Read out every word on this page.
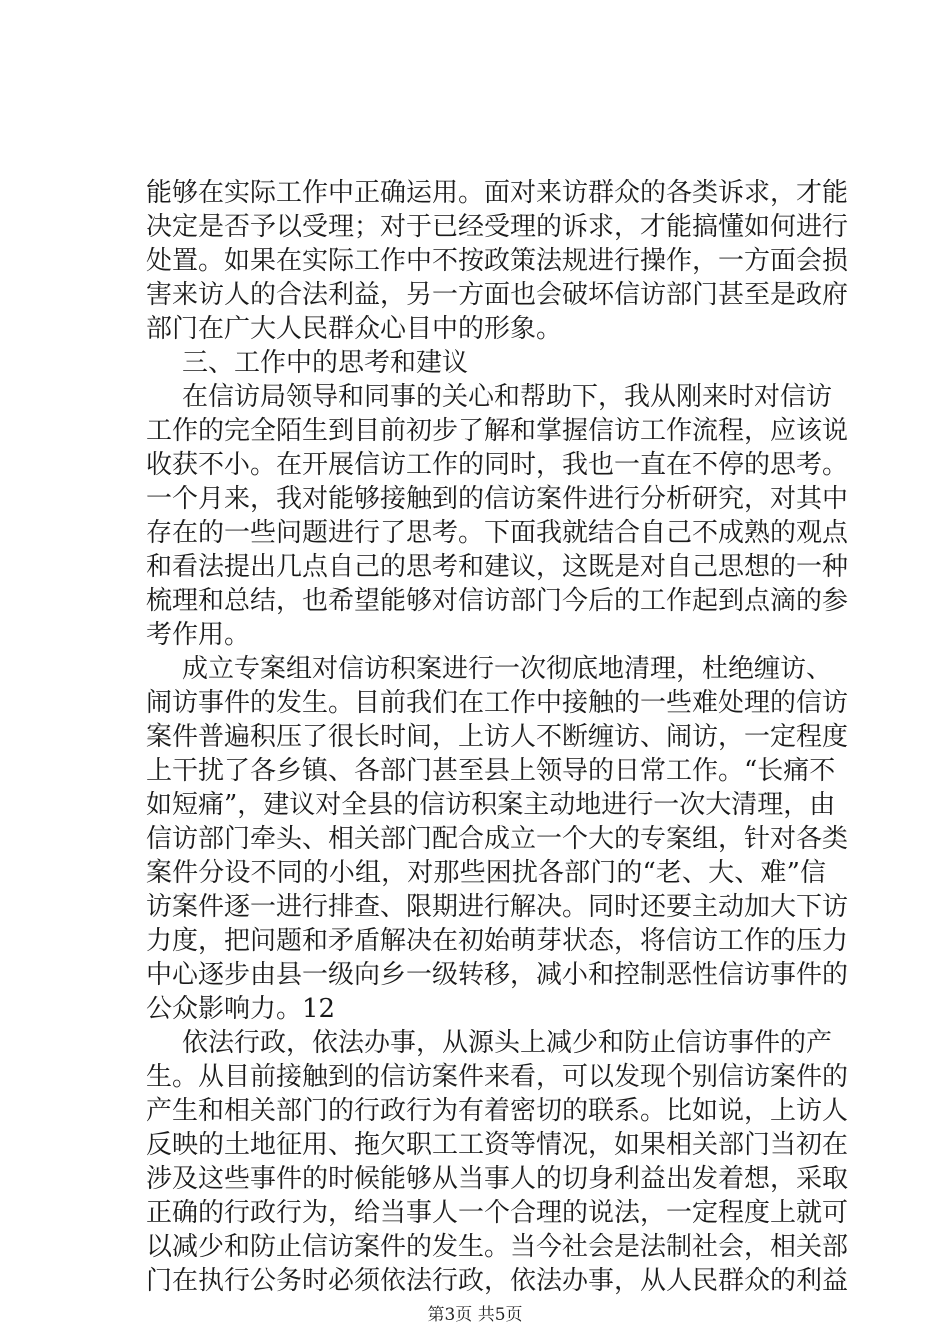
能够在实际工作中正确运用。面对来访群众的各类诉求，才能
决定是否予以受理；对于已经受理的诉求，才能搞懂如何进行
处置。如果在实际工作中不按政策法规进行操作，一方面会损
害来访人的合法利益，另一方面也会破坏信访部门甚至是政府
部门在广大人民群众心目中的形象。
三、工作中的思考和建议
在信访局领导和同事的关心和帮助下，我从刚来时对信访
工作的完全陌生到目前初步了解和掌握信访工作流程，应该说
收获不小。在开展信访工作的同时，我也一直在不停的思考。
一个月来，我对能够接触到的信访案件进行分析研究，对其中
存在的一些问题进行了思考。下面我就结合自己不成熟的观点
和看法提出几点自己的思考和建议，这既是对自己思想的一种
梳理和总结，也希望能够对信访部门今后的工作起到点滴的参
考作用。
成立专案组对信访积案进行一次彻底地清理，杜绝缠访、
闹访事件的发生。目前我们在工作中接触的一些难处理的信访
案件普遍积压了很长时间，上访人不断缠访、闹访，一定程度
上干扰了各乡镇、各部门甚至县上领导的日常工作。“长痛不
如短痛”，建议对全县的信访积案主动地进行一次大清理，由
信访部门牵头、相关部门配合成立一个大的专案组，针对各类
案件分设不同的小组，对那些困扰各部门的“老、大、难”信
访案件逐一进行排查、限期进行解决。同时还要主动加大下访
力度，把问题和矛盾解决在初始萌芽状态，将信访工作的压力
中心逐步由县一级向乡一级转移，减小和控制恶性信访事件的
公众影响力。12
依法行政，依法办事，从源头上减少和防止信访事件的产
生。从目前接触到的信访案件来看，可以发现个别信访案件的
产生和相关部门的行政行为有着密切的联系。比如说，上访人
反映的土地征用、拖欠职工工资等情况，如果相关部门当初在
涉及这些事件的时候能够从当事人的切身利益出发着想，采取
正确的行政行为，给当事人一个合理的说法，一定程度上就可
以减少和防止信访案件的发生。当今社会是法制社会，相关部
门在执行公务时必须依法行政，依法办事，从人民群众的利益
第3页 共5页
